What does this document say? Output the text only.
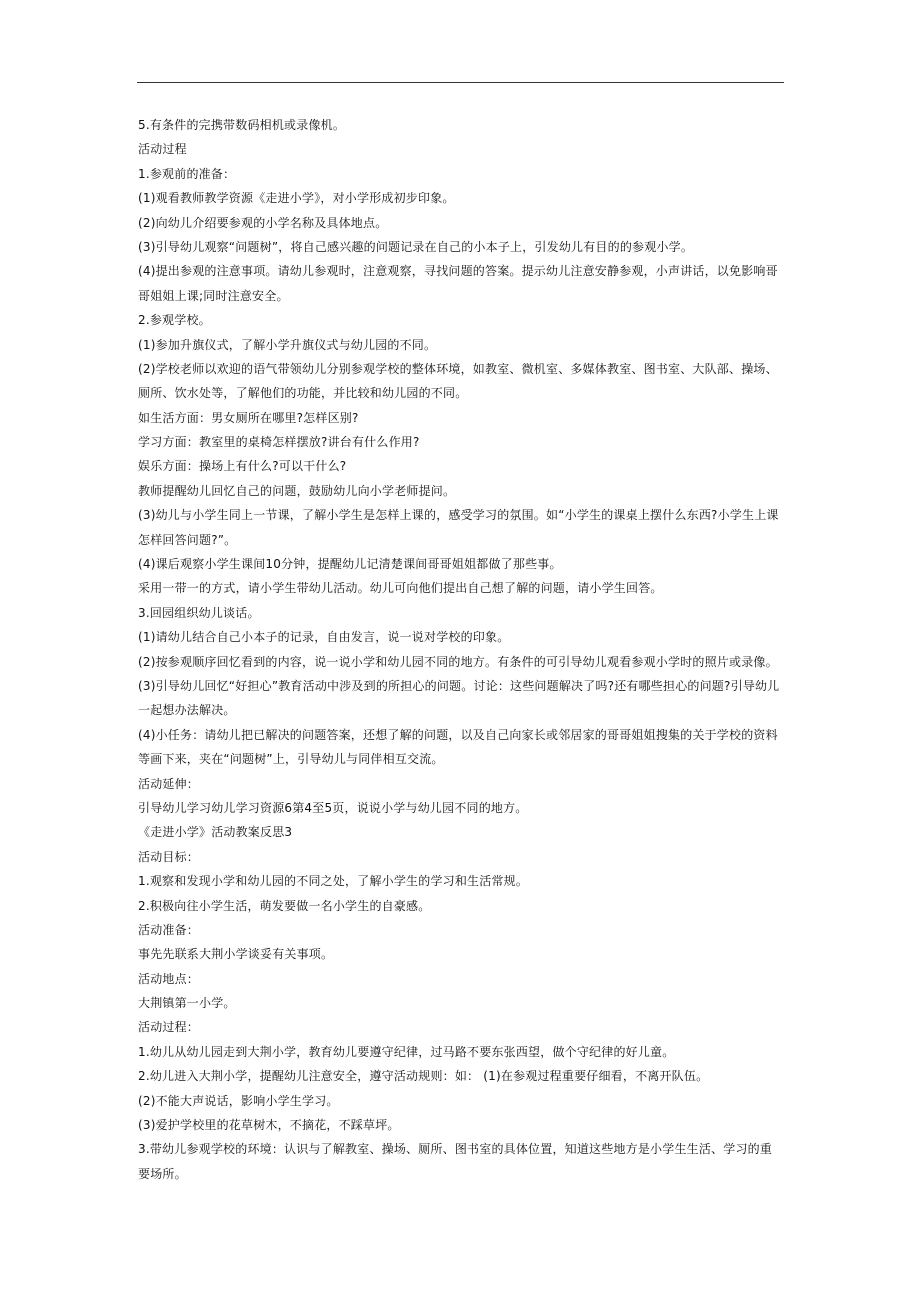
5.有条件的完携带数码相机或录像机。
活动过程
1.参观前的准备：
(1)观看教师教学资源《走进小学》，对小学形成初步印象。
(2)向幼儿介绍要参观的小学名称及具体地点。
(3)引导幼儿观察“问题树”，将自己感兴趣的问题记录在自己的小本子上，引发幼儿有目的的参观小学。
(4)提出参观的注意事项。请幼儿参观时，注意观察，寻找问题的答案。提示幼儿注意安静参观，小声讲话，以免影响哥
哥姐姐上课;同时注意安全。
2.参观学校。
(1)参加升旗仪式，了解小学升旗仪式与幼儿园的不同。
(2)学校老师以欢迎的语气带领幼儿分别参观学校的整体环境，如教室、微机室、多媒体教室、图书室、大队部、操场、
厕所、饮水处等，了解他们的功能，并比较和幼儿园的不同。
如生活方面：男女厕所在哪里?怎样区别?
学习方面：教室里的桌椅怎样摆放?讲台有什么作用?
娱乐方面：操场上有什么?可以干什么?
教师提醒幼儿回忆自己的问题，鼓励幼儿向小学老师提问。
(3)幼儿与小学生同上一节课，了解小学生是怎样上课的，感受学习的氛围。如“小学生的课桌上摆什么东西?小学生上课
怎样回答问题?”。
(4)课后观察小学生课间10分钟，提醒幼儿记清楚课间哥哥姐姐都做了那些事。
采用一带一的方式，请小学生带幼儿活动。幼儿可向他们提出自己想了解的问题，请小学生回答。
3.回园组织幼儿谈话。
(1)请幼儿结合自己小本子的记录，自由发言，说一说对学校的印象。
(2)按参观顺序回忆看到的内容，说一说小学和幼儿园不同的地方。有条件的可引导幼儿观看参观小学时的照片或录像。
(3)引导幼儿回忆“好担心”教育活动中涉及到的所担心的问题。讨论：这些问题解决了吗?还有哪些担心的问题?引导幼儿
一起想办法解决。
(4)小任务：请幼儿把已解决的问题答案，还想了解的问题，以及自己向家长或邻居家的哥哥姐姐搜集的关于学校的资料
等画下来，夹在“问题树”上，引导幼儿与同伴相互交流。
活动延伸：
引导幼儿学习幼儿学习资源6第4至5页，说说小学与幼儿园不同的地方。
《走进小学》活动教案反思3
活动目标：
1.观察和发现小学和幼儿园的不同之处，了解小学生的学习和生活常规。
2.积极向往小学生活，萌发要做一名小学生的自豪感。
活动准备：
事先先联系大荆小学谈妥有关事项。
活动地点：
大荆镇第一小学。
活动过程：
1.幼儿从幼儿园走到大荆小学，教育幼儿要遵守纪律，过马路不要东张西望，做个守纪律的好儿童。
2.幼儿进入大荆小学，提醒幼儿注意安全，遵守活动规则：如： (1)在参观过程重要仔细看，不离开队伍。
(2)不能大声说话，影响小学生学习。
(3)爱护学校里的花草树木，不摘花，不踩草坪。
3.带幼儿参观学校的环境：认识与了解教室、操场、厕所、图书室的具体位置，知道这些地方是小学生生活、学习的重
要场所。
